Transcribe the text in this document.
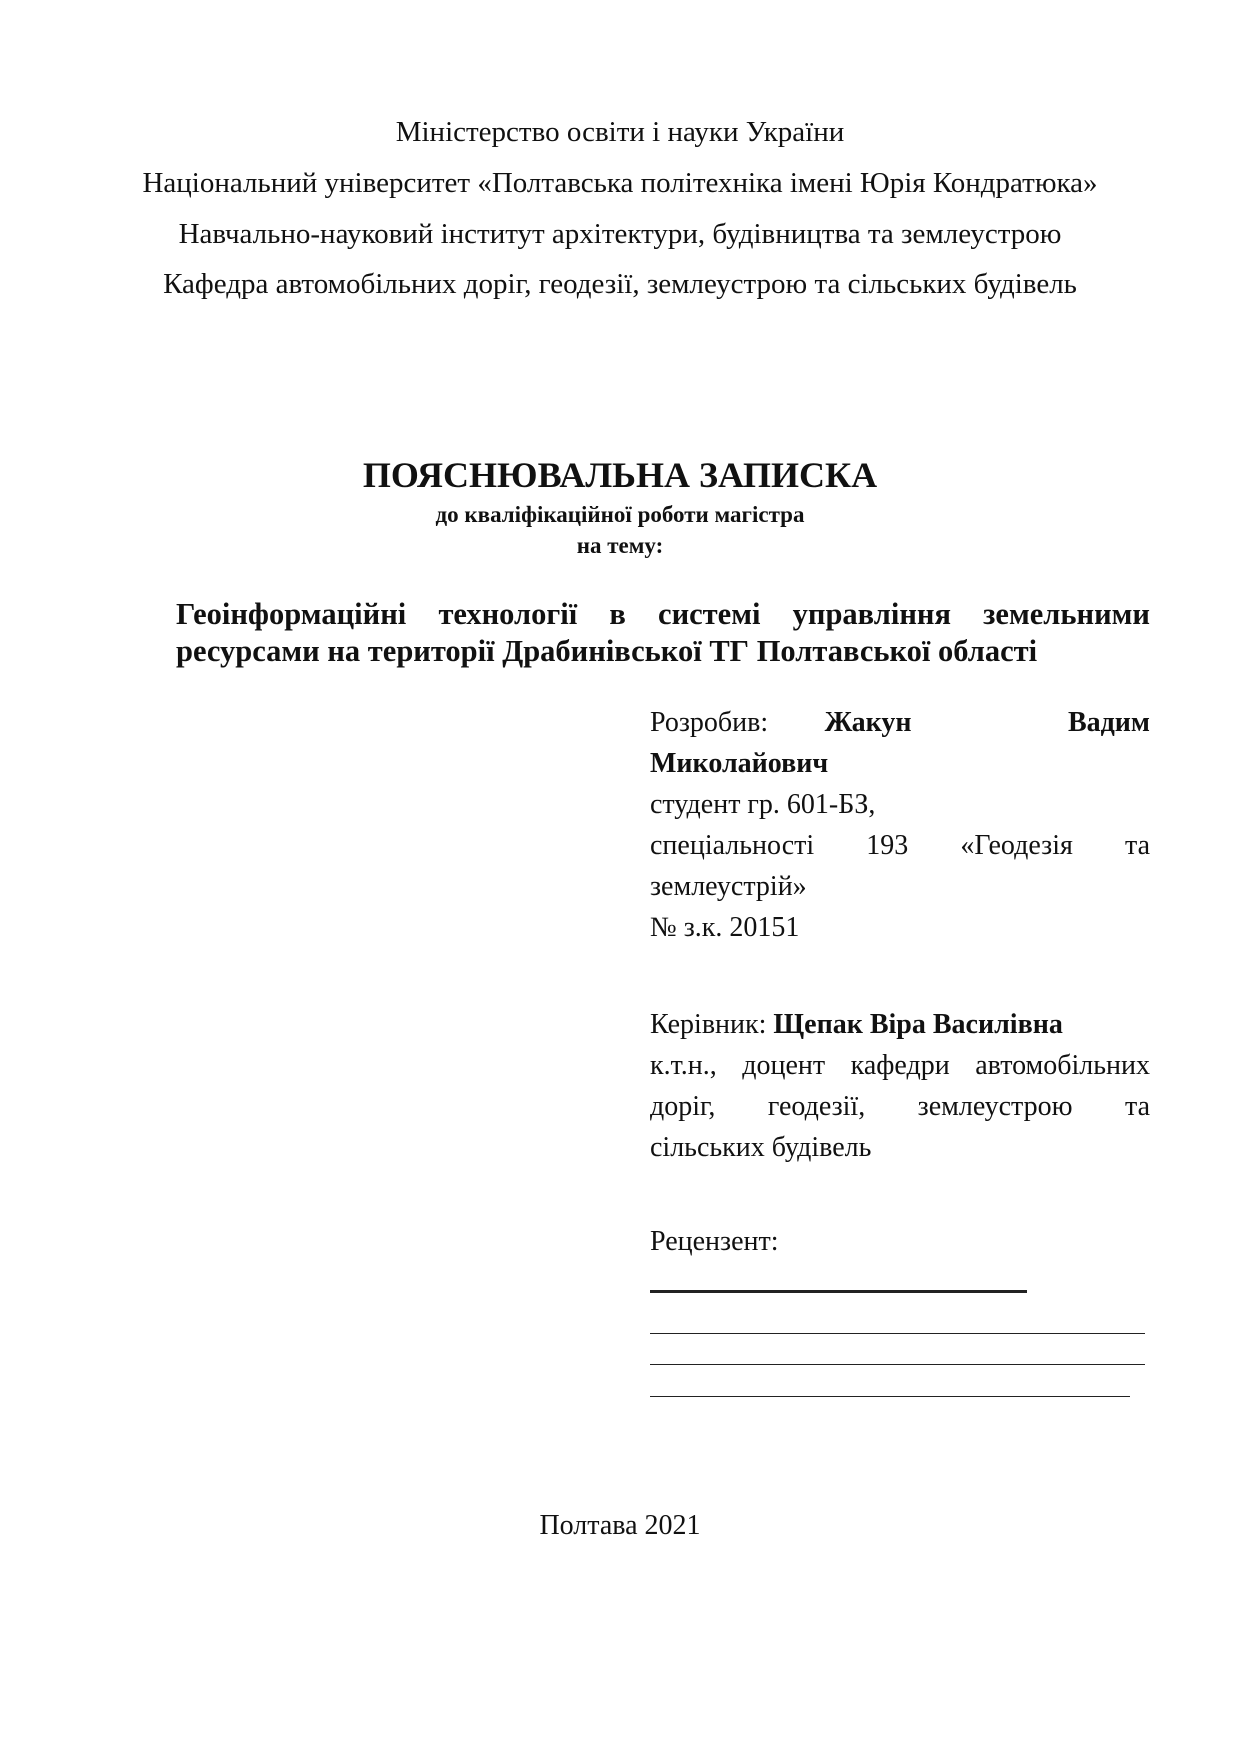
Міністерство освіти і науки України
Національний університет «Полтавська політехніка імені Юрія Кондратюка»
Навчально-науковий інститут архітектури, будівництва та землеустрою
Кафедра автомобільних доріг, геодезії, землеустрою та сільських будівель
ПОЯСНЮВАЛЬНА ЗАПИСКА
до кваліфікаційної роботи магістра
на тему:
Геоінформаційні технології в системі управління земельними
ресурсами на території Драбинівської ТГ Полтавської області
Розробив: Жакун Вадим
Миколайович
студент гр. 601-БЗ,
спеціальності 193 «Геодезія та
землеустрій»
№ з.к. 20151
Керівник: Щепак Віра Василівна
к.т.н., доцент кафедри автомобільних
доріг, геодезії, землеустрою та
сільських будівель
Рецензент:
Полтава 2021
